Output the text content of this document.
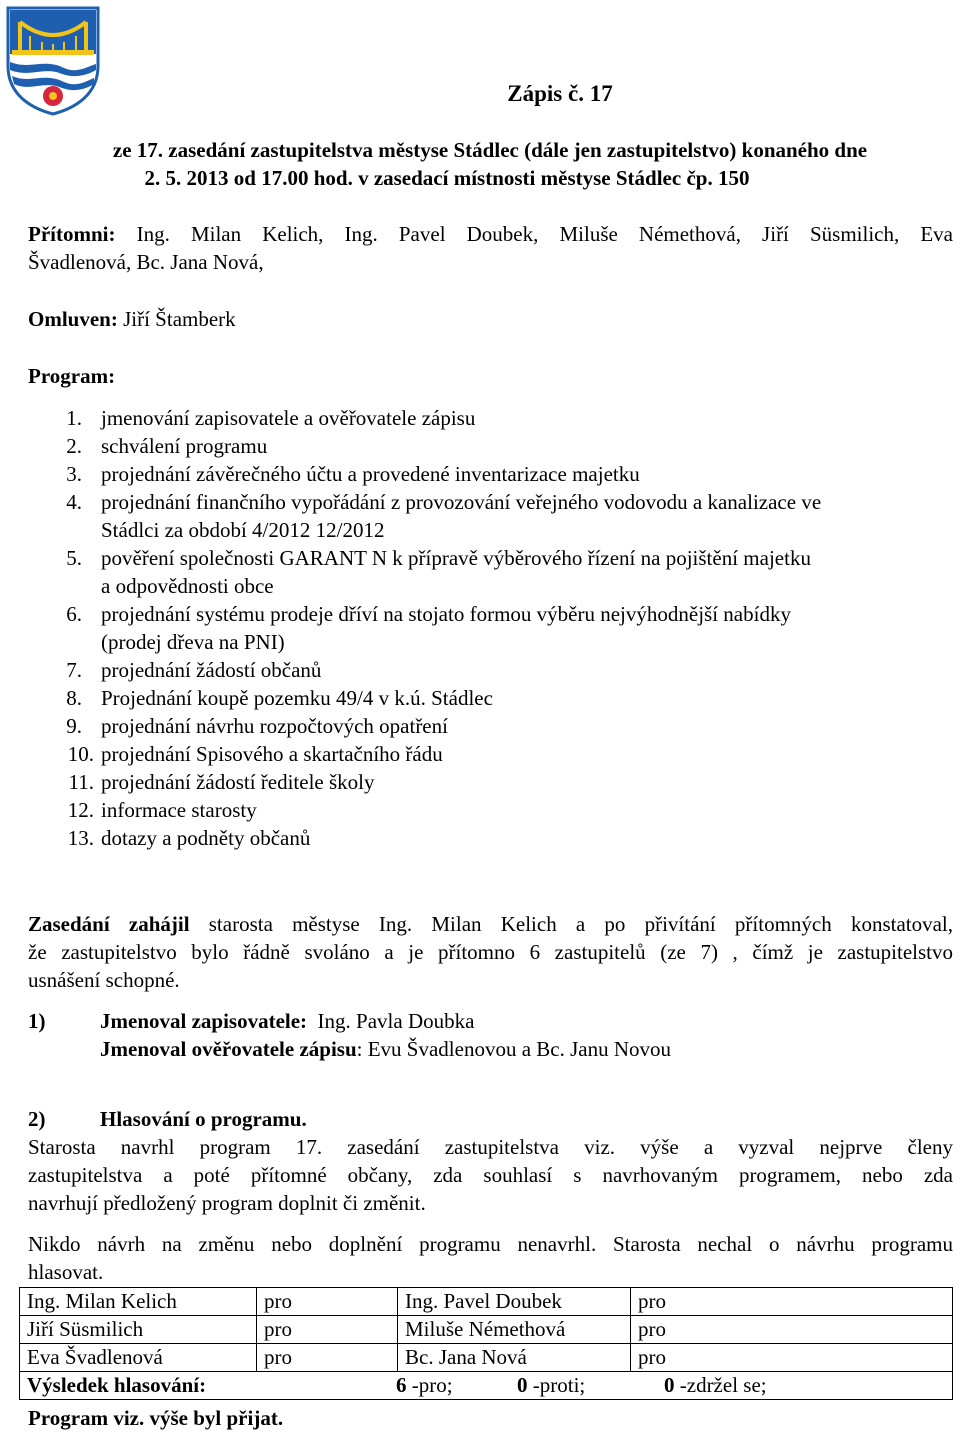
Zápis č. 17
ze 17. zasedání zastupitelstva městyse Stádlec (dále jen zastupitelstvo) konaného dne
2. 5. 2013 od 17.00 hod. v zasedací místnosti městyse Stádlec čp. 150
Přítomni: Ing. Milan Kelich, Ing. Pavel Doubek, Miluše Némethová, Jiří Süsmilich, Eva
Švadlenová, Bc. Jana Nová,
Omluven: Jiří Štamberk
Program:
1. jmenování zapisovatele a ověřovatele zápisu
2. schválení programu
3. projednání závěrečného účtu a provedené inventarizace majetku
4. projednání finančního vypořádání z provozování veřejného vodovodu a kanalizace ve
Stádlci za období 4/2012 12/2012
5. pověření společnosti GARANT N k přípravě výběrového řízení na pojištění majetku
a odpovědnosti obce
6. projednání systému prodeje dříví na stojato formou výběru nejvýhodnější nabídky
(prodej dřeva na PNI)
7. projednání žádostí občanů
8. Projednání koupě pozemku 49/4 v k.ú. Stádlec
9. projednání návrhu rozpočtových opatření
10. projednání Spisového a skartačního řádu
11. projednání žádostí ředitele školy
12. informace starosty
13. dotazy a podněty občanů
Zasedání zahájil starosta městyse Ing. Milan Kelich a po přivítání přítomných konstatoval,
že zastupitelstvo bylo řádně svoláno a je přítomno 6 zastupitelů (ze 7) , čímž je zastupitelstvo
usnášení schopné.
1)	Jmenoval zapisovatele: Ing. Pavla Doubka
Jmenoval ověřovatele zápisu: Evu Švadlenovou a Bc. Janu Novou
2)	Hlasování o programu.
Starosta navrhl program 17. zasedání zastupitelstva viz. výše a vyzval nejprve členy
zastupitelstva a poté přítomné občany, zda souhlasí s navrhovaným programem, nebo zda
navrhují předložený program doplnit či změnit.
Nikdo návrh na změnu nebo doplnění programu nenavrhl. Starosta nechal o návrhu programu
hlasovat.
Ing. Milan Kelich	pro	Ing. Pavel Doubek	pro
Jiří Süsmilich	pro	Miluše Némethová	pro
Eva Švadlenová	pro	Bc. Jana Nová	pro
Výsledek hlasování: 6 -pro; 0 -proti; 0 -zdržel se;			
Program viz. výše byl přijat.
